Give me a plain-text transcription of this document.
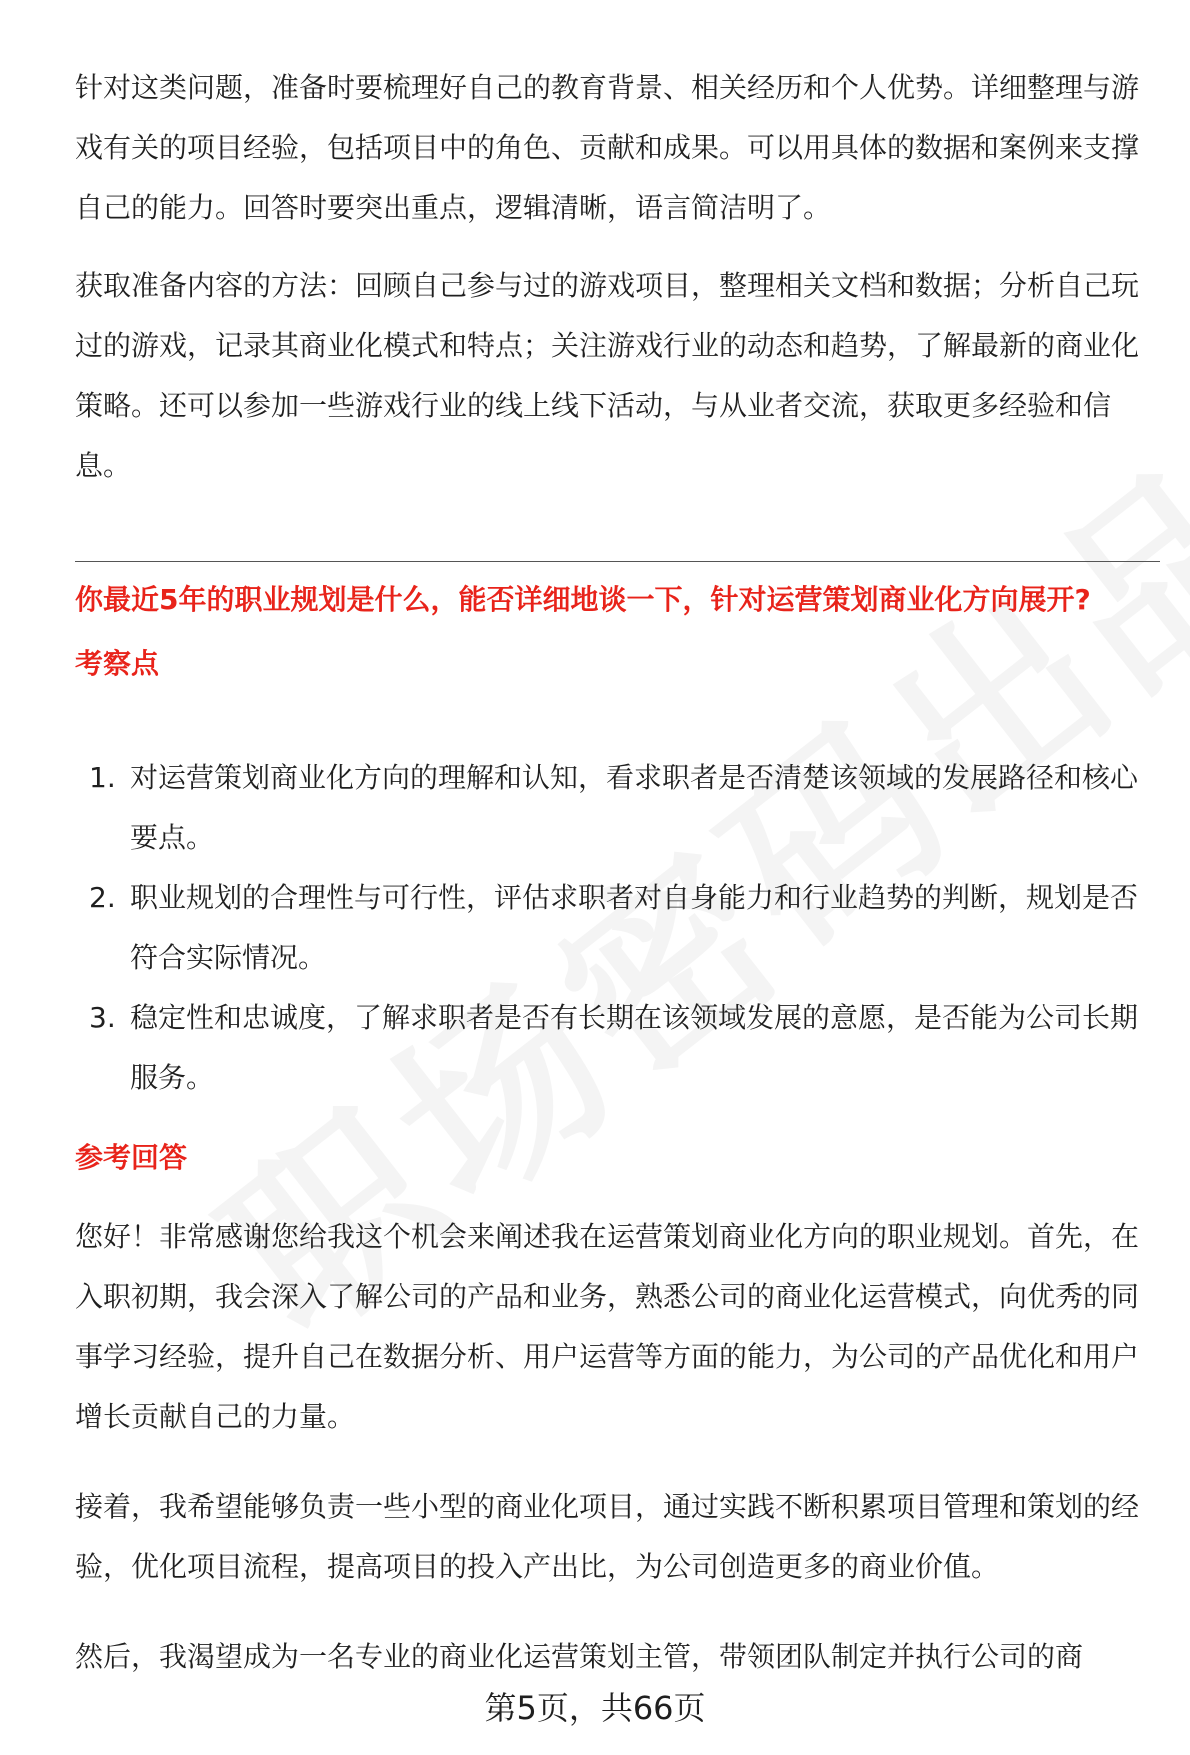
针对这类问题，准备时要梳理好自己的教育背景、相关经历和个人优势。详细整理与游戏有关的项目经验，包括项目中的角色、贡献和成果。可以用具体的数据和案例来支撑自己的能力。回答时要突出重点，逻辑清晰，语言简洁明了。

获取准备内容的方法：回顾自己参与过的游戏项目，整理相关文档和数据；分析自己玩过的游戏，记录其商业化模式和特点；关注游戏行业的动态和趋势，了解最新的商业化策略。还可以参加一些游戏行业的线上线下活动，与从业者交流，获取更多经验和信息。

你最近5年的职业规划是什么，能否详细地谈一下，针对运营策划商业化方向展开?

考察点

1. 对运营策划商业化方向的理解和认知，看求职者是否清楚该领域的发展路径和核心要点。
2. 职业规划的合理性与可行性，评估求职者对自身能力和行业趋势的判断，规划是否符合实际情况。
3. 稳定性和忠诚度，了解求职者是否有长期在该领域发展的意愿，是否能为公司长期服务。

参考回答

您好！非常感谢您给我这个机会来阐述我在运营策划商业化方向的职业规划。首先，在入职初期，我会深入了解公司的产品和业务，熟悉公司的商业化运营模式，向优秀的同事学习经验，提升自己在数据分析、用户运营等方面的能力，为公司的产品优化和用户增长贡献自己的力量。

接着，我希望能够负责一些小型的商业化项目，通过实践不断积累项目管理和策划的经验，优化项目流程，提高项目的投入产出比，为公司创造更多的商业价值。

然后，我渴望成为一名专业的商业化运营策划主管，带领团队制定并执行公司的商

第5页，共66页
